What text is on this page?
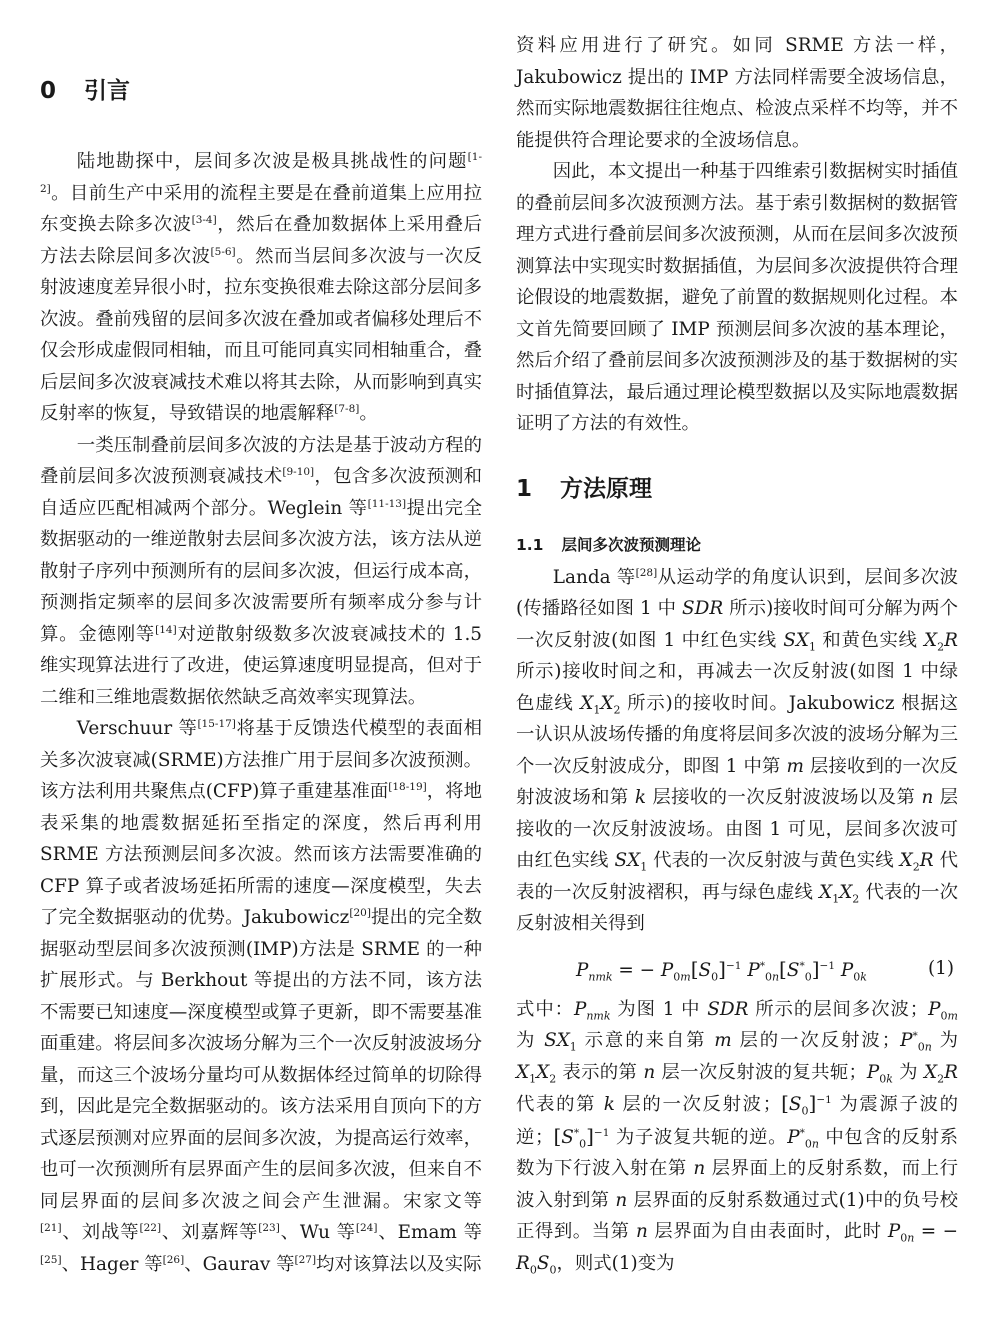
0 引言

陆地勘探中，层间多次波是极具挑战性的问题[1-2]。目前生产中采用的流程主要是在叠前道集上应用拉东变换去除多次波[3-4]，然后在叠加数据体上采用叠后方法去除层间多次波[5-6]。然而当层间多次波与一次反射波速度差异很小时，拉东变换很难去除这部分层间多次波。叠前残留的层间多次波在叠加或者偏移处理后不仅会形成虚假同相轴，而且可能同真实同相轴重合，叠后层间多次波衰减技术难以将其去除，从而影响到真实反射率的恢复，导致错误的地震解释[7-8]。

一类压制叠前层间多次波的方法是基于波动方程的叠前层间多次波预测衰减技术[9-10]，包含多次波预测和自适应匹配相减两个部分。Weglein 等[11-13]提出完全数据驱动的一维逆散射去层间多次波方法，该方法从逆散射子序列中预测所有的层间多次波，但运行成本高，预测指定频率的层间多次波需要所有频率成分参与计算。金德刚等[14]对逆散射级数多次波衰减技术的 1.5 维实现算法进行了改进，使运算速度明显提高，但对于二维和三维地震数据依然缺乏高效率实现算法。

Verschuur 等[15-17]将基于反馈迭代模型的表面相关多次波衰减(SRME)方法推广用于层间多次波预测。该方法利用共聚焦点(CFP)算子重建基准面[18-19]，将地表采集的地震数据延拓至指定的深度，然后再利用 SRME 方法预测层间多次波。然而该方法需要准确的 CFP 算子或者波场延拓所需的速度—深度模型，失去了完全数据驱动的优势。Jakubowicz[20]提出的完全数据驱动型层间多次波预测(IMP)方法是 SRME 的一种扩展形式。与 Berkhout 等提出的方法不同，该方法不需要已知速度—深度模型或算子更新，即不需要基准面重建。将层间多次波场分解为三个一次反射波波场分量，而这三个波场分量均可从数据体经过简单的切除得到，因此是完全数据驱动的。该方法采用自顶向下的方式逐层预测对应界面的层间多次波，为提高运行效率，也可一次预测所有层界面产生的层间多次波，但来自不同层界面的层间多次波之间会产生泄漏。宋家文等[21]、刘战等[22]、刘嘉辉等[23]、Wu 等[24]、Emam 等[25]、Hager 等[26]、Gaurav 等[27]均对该算法以及实际

资料应用进行了研究。如同 SRME 方法一样，Jakubowicz 提出的 IMP 方法同样需要全波场信息，然而实际地震数据往往炮点、检波点采样不均等，并不能提供符合理论要求的全波场信息。

因此，本文提出一种基于四维索引数据树实时插值的叠前层间多次波预测方法。基于索引数据树的数据管理方式进行叠前层间多次波预测，从而在层间多次波预测算法中实现实时数据插值，为层间多次波提供符合理论假设的地震数据，避免了前置的数据规则化过程。本文首先简要回顾了 IMP 预测层间多次波的基本理论，然后介绍了叠前层间多次波预测涉及的基于数据树的实时插值算法，最后通过理论模型数据以及实际地震数据证明了方法的有效性。

1 方法原理
1.1 层间多次波预测理论

Landa 等[28]从运动学的角度认识到，层间多次波(传播路径如图 1 中 SDR 所示)接收时间可分解为两个一次反射波(如图 1 中红色实线 $SX_1$ 和黄色实线 $X_2R$ 所示)接收时间之和，再减去一次反射波(如图 1 中绿色虚线 $X_1X_2$ 所示)的接收时间。Jakubowicz 根据这一认识从波场传播的角度将层间多次波的波场分解为三个一次反射波成分，即图 1 中第 m 层接收到的一次反射波波场和第 k 层接收的一次反射波波场以及第 n 层接收的一次反射波波场。由图 1 可见，层间多次波可由红色实线 $SX_1$ 代表的一次反射波与黄色实线 $X_2R$ 代表的一次反射波褶积，再与绿色虚线 $X_1X_2$ 代表的一次反射波相关得到

$P_{nmk}$ = − $P_{0m}[S_0]^{-1}$ $P^*_{0n}[S^*_0]^{-1}$ $P_{0k}$	(1)

式中：$P_{nmk}$ 为图 1 中 SDR 所示的层间多次波；$P_{0m}$ 为 $SX_1$ 示意的来自第 m 层的一次反射波；$P^*_{0n}$ 为 $X_1X_2$ 表示的第 n 层一次反射波的复共轭；$P_{0k}$ 为 $X_2R$ 代表的第 k 层的一次反射波；$[S_0]^{-1}$ 为震源子波的逆；$[S^*_0]^{-1}$ 为子波复共轭的逆。$P^*_{0n}$ 中包含的反射系数为下行波入射在第 n 层界面上的反射系数，而上行波入射到第 n 层界面的反射系数通过式(1)中的负号校正得到。当第 n 层界面为自由表面时，此时 $P_{0n}$ = − $R_0S_0$，则式(1)变为
